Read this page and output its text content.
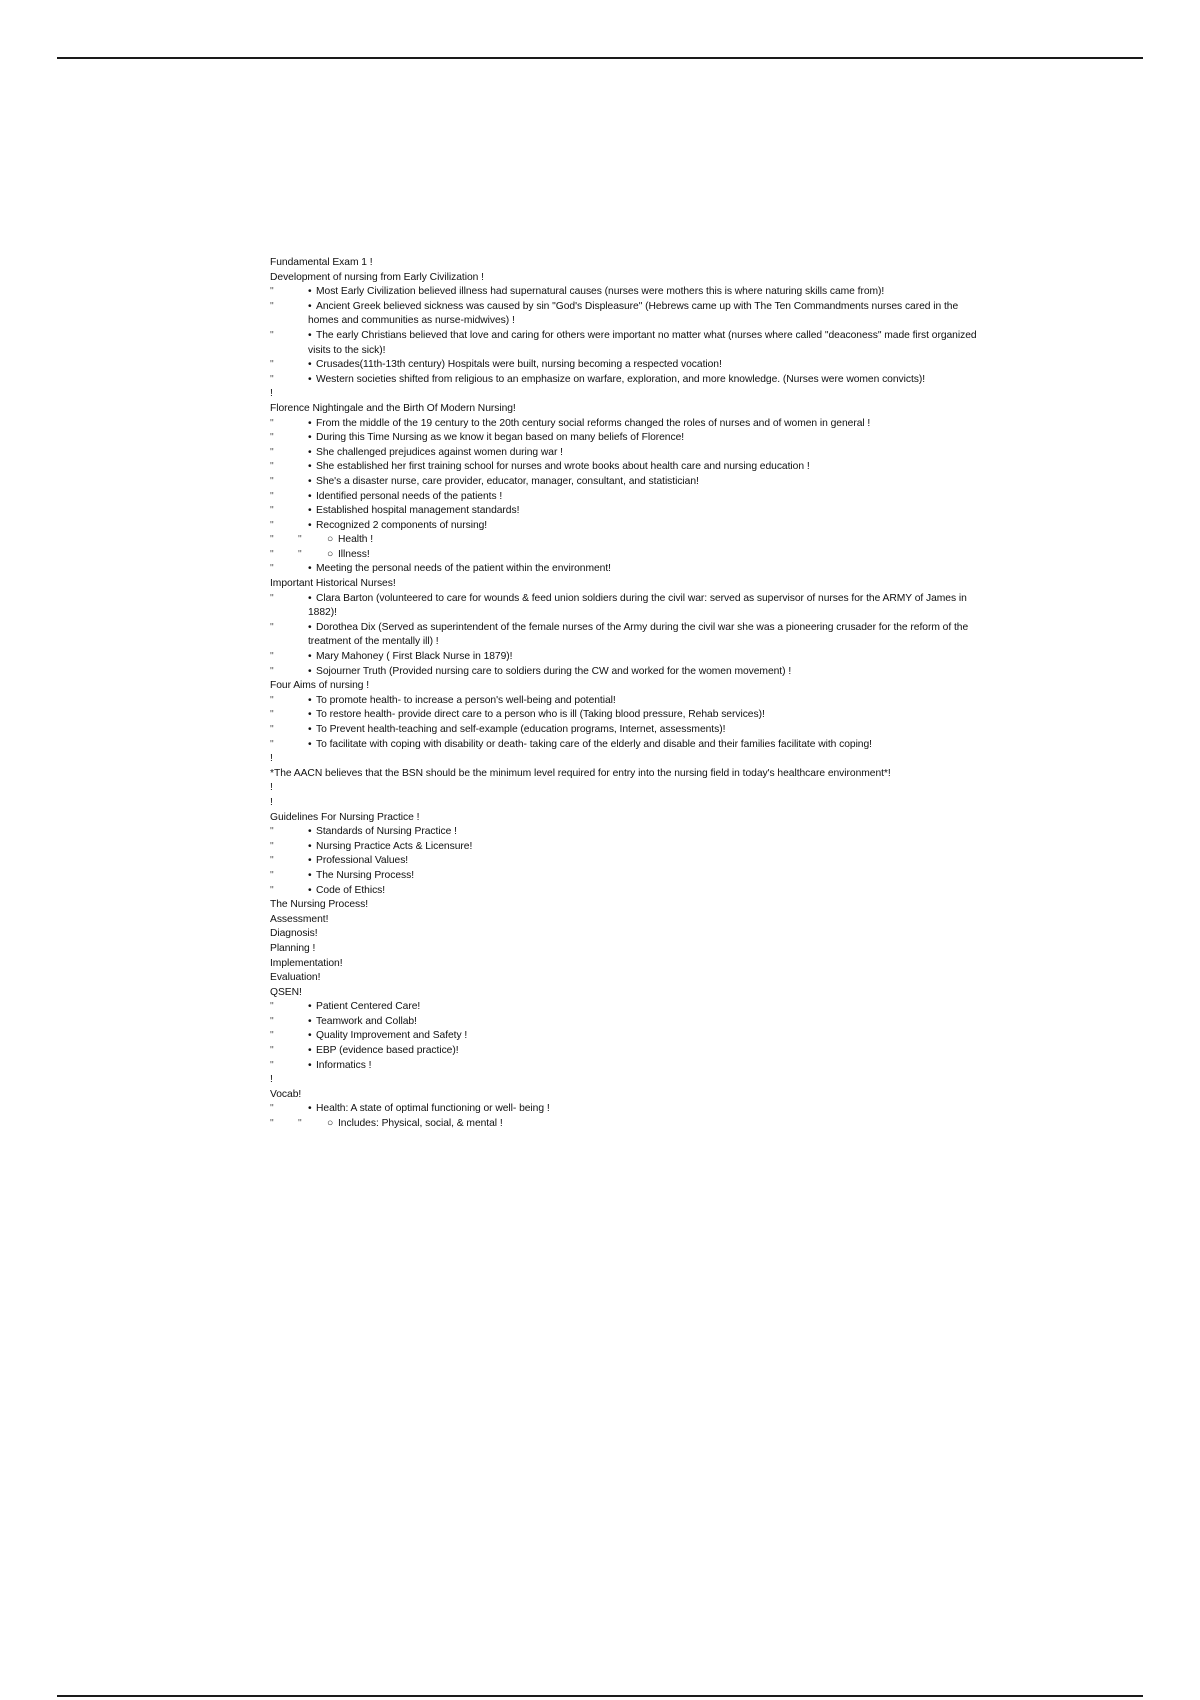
Fundamental Exam 1 !
Development of nursing from Early Civilization !
"	• Most Early Civilization believed illness had supernatural causes (nurses were mothers this is where naturing skills came from)!
"	• Ancient Greek believed sickness was caused by sin "God's Displeasure" (Hebrews came up with The Ten Commandments nurses cared in the homes and communities as nurse-midwives) !
"	• The early Christians believed that love and caring for others were important no matter what (nurses where called "deaconess" made first organized visits to the sick)!
"	• Crusades(11th-13th century) Hospitals were built, nursing becoming a respected vocation!
"	• Western societies shifted from religious to an emphasize on warfare, exploration, and more knowledge. (Nurses were women convicts)!
!
Florence Nightingale and the Birth Of Modern Nursing!
"	• From the middle of the 19 century to the 20th century social reforms changed the roles of nurses and of women in general !
"	• During this Time Nursing as we know it began based on many beliefs of Florence!
"	• She challenged prejudices against women during war !
"	• She established her first training school for nurses and wrote books about health care and nursing education !
"	• She's a disaster nurse, care provider, educator, manager, consultant, and statistician!
"	• Identified personal needs of the patients !
"	• Established hospital management standards!
"	• Recognized 2 components of nursing!
" " ○ Health !
" " ○ Illness!
"	• Meeting the personal needs of the patient within the environment!
Important Historical Nurses!
"	• Clara Barton (volunteered to care for wounds & feed union soldiers during the civil war: served as supervisor of nurses for the ARMY of James in 1882)!
"	• Dorothea Dix (Served as superintendent of the female nurses of the Army during the civil war she was a pioneering crusader for the reform of the treatment of the mentally ill) !
"	• Mary Mahoney ( First Black Nurse in 1879)!
"	• Sojourner Truth (Provided nursing care to soldiers during the CW and worked for the women movement) !
Four Aims of nursing !
"	• To promote health- to increase a person's well-being and potential!
"	• To restore health- provide direct care to a person who is ill (Taking blood pressure, Rehab services)!
"	• To Prevent health-teaching and self-example (education programs, Internet, assessments)!
"	• To facilitate with coping with disability or death- taking care of the elderly and disable and their families facilitate with coping!
!
*The AACN believes that the BSN should be the minimum level required for entry into the nursing field in today's healthcare environment*!
!
!
Guidelines For Nursing Practice !
"	• Standards of Nursing Practice !
"	• Nursing Practice Acts & Licensure!
"	• Professional Values!
"	• The Nursing Process!
"	• Code of Ethics!
The Nursing Process!
Assessment!
Diagnosis!
Planning !
Implementation!
Evaluation!
QSEN!
"	• Patient Centered Care!
"	• Teamwork and Collab!
"	• Quality Improvement and Safety !
"	• EBP (evidence based practice)!
"	• Informatics !
!
Vocab!
"	• Health: A state of optimal functioning or well- being !
" " ○ Includes: Physical, social, & mental !
